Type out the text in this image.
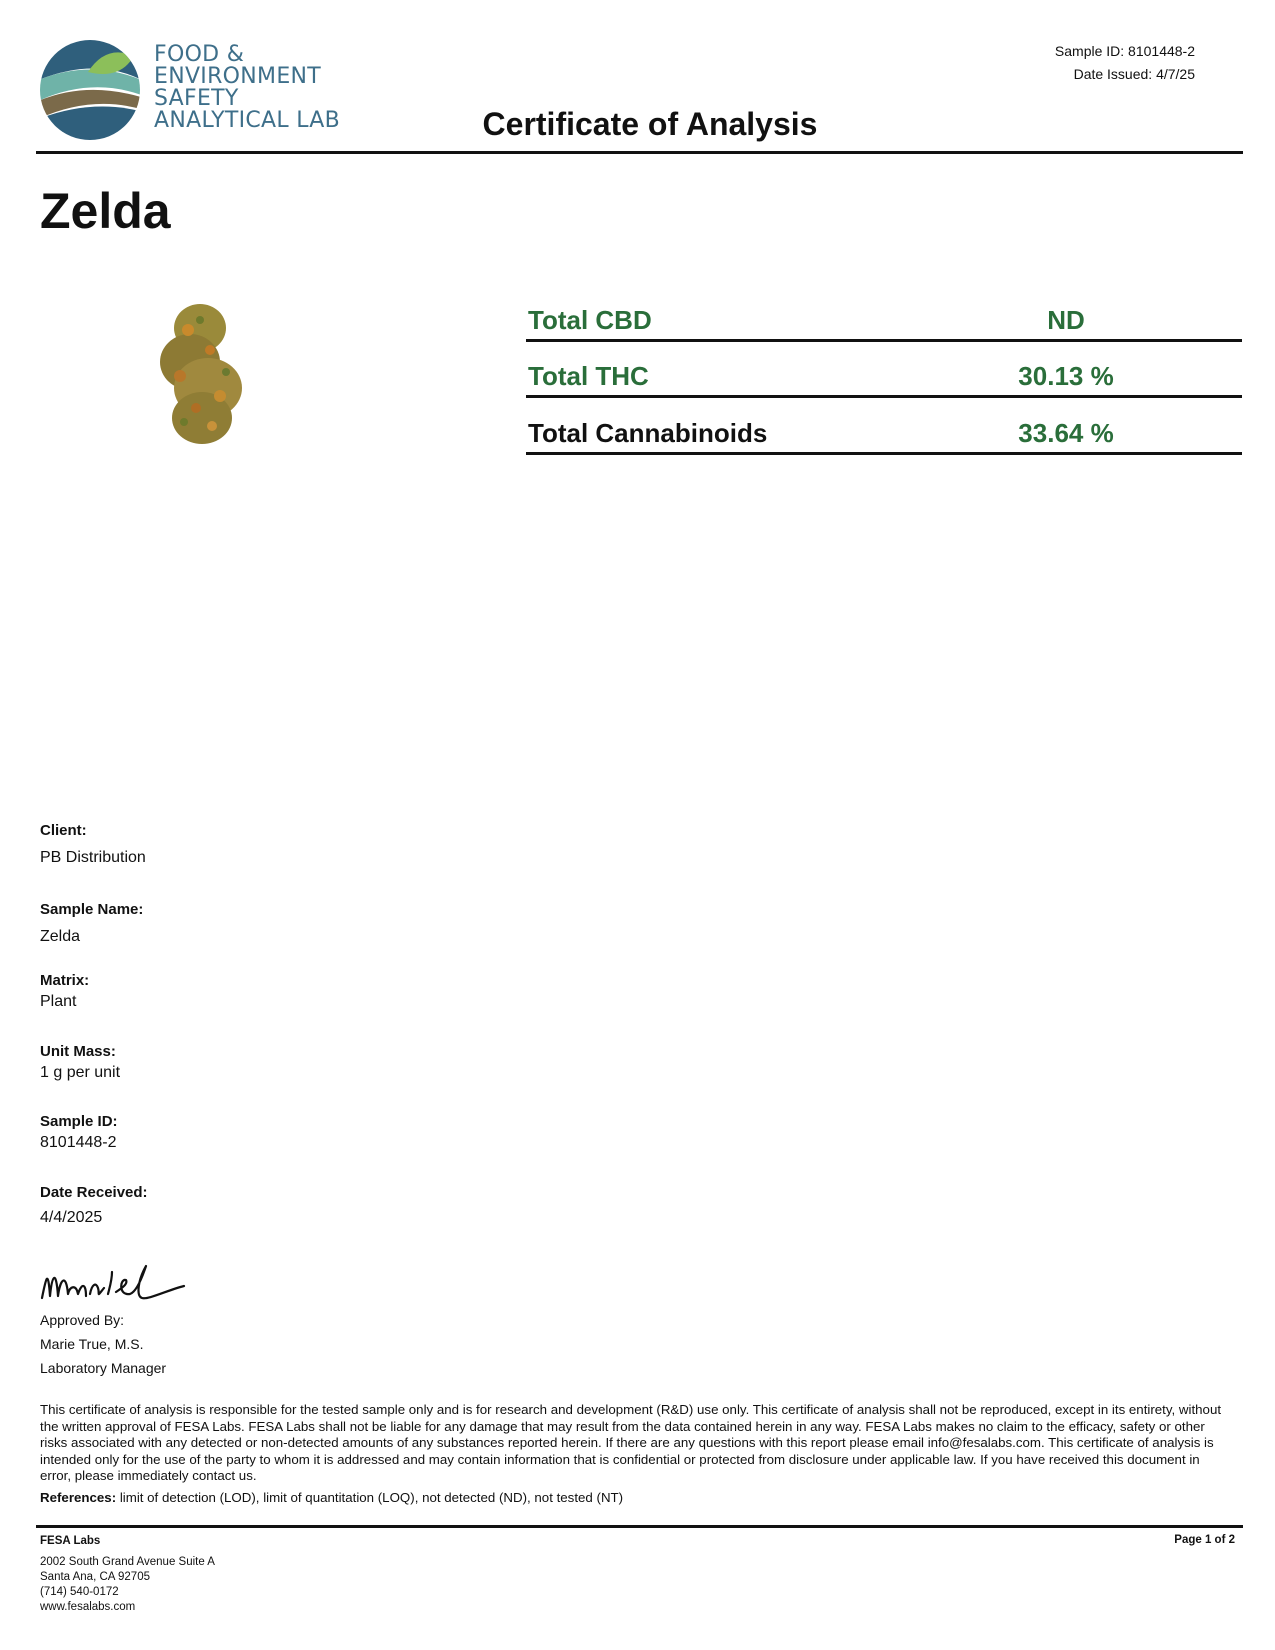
FOOD &
ENVIRONMENT
SAFETY
ANALYTICAL LAB
Sample ID: 8101448-2
Date Issued: 4/7/25
Certificate of Analysis
Zelda
Total CBD	ND
Total THC	30.13 %
Total Cannabinoids	33.64 %
Client:
PB Distribution
Sample Name:
Zelda
Matrix:
Plant
Unit Mass:
1 g per unit
Sample ID:
8101448-2
Date Received:
4/4/2025
Approved By:
Marie True, M.S.
Laboratory Manager
This certificate of analysis is responsible for the tested sample only and is for research and development (R&D) use only. This certificate of analysis shall not be reproduced, except in its entirety, without the written approval of FESA Labs. FESA Labs shall not be liable for any damage that may result from the data contained herein in any way. FESA Labs makes no claim to the efficacy, safety or other risks associated with any detected or non-detected amounts of any substances reported herein. If there are any questions with this report please email info@fesalabs.com. This certificate of analysis is intended only for the use of the party to whom it is addressed and may contain information that is confidential or protected from disclosure under applicable law. If you have received this document in error, please immediately contact us.
References: limit of detection (LOD), limit of quantitation (LOQ), not detected (ND), not tested (NT)
FESA Labs
2002 South Grand Avenue Suite A
Santa Ana, CA 92705
(714) 540-0172
www.fesalabs.com
Page 1 of 2
